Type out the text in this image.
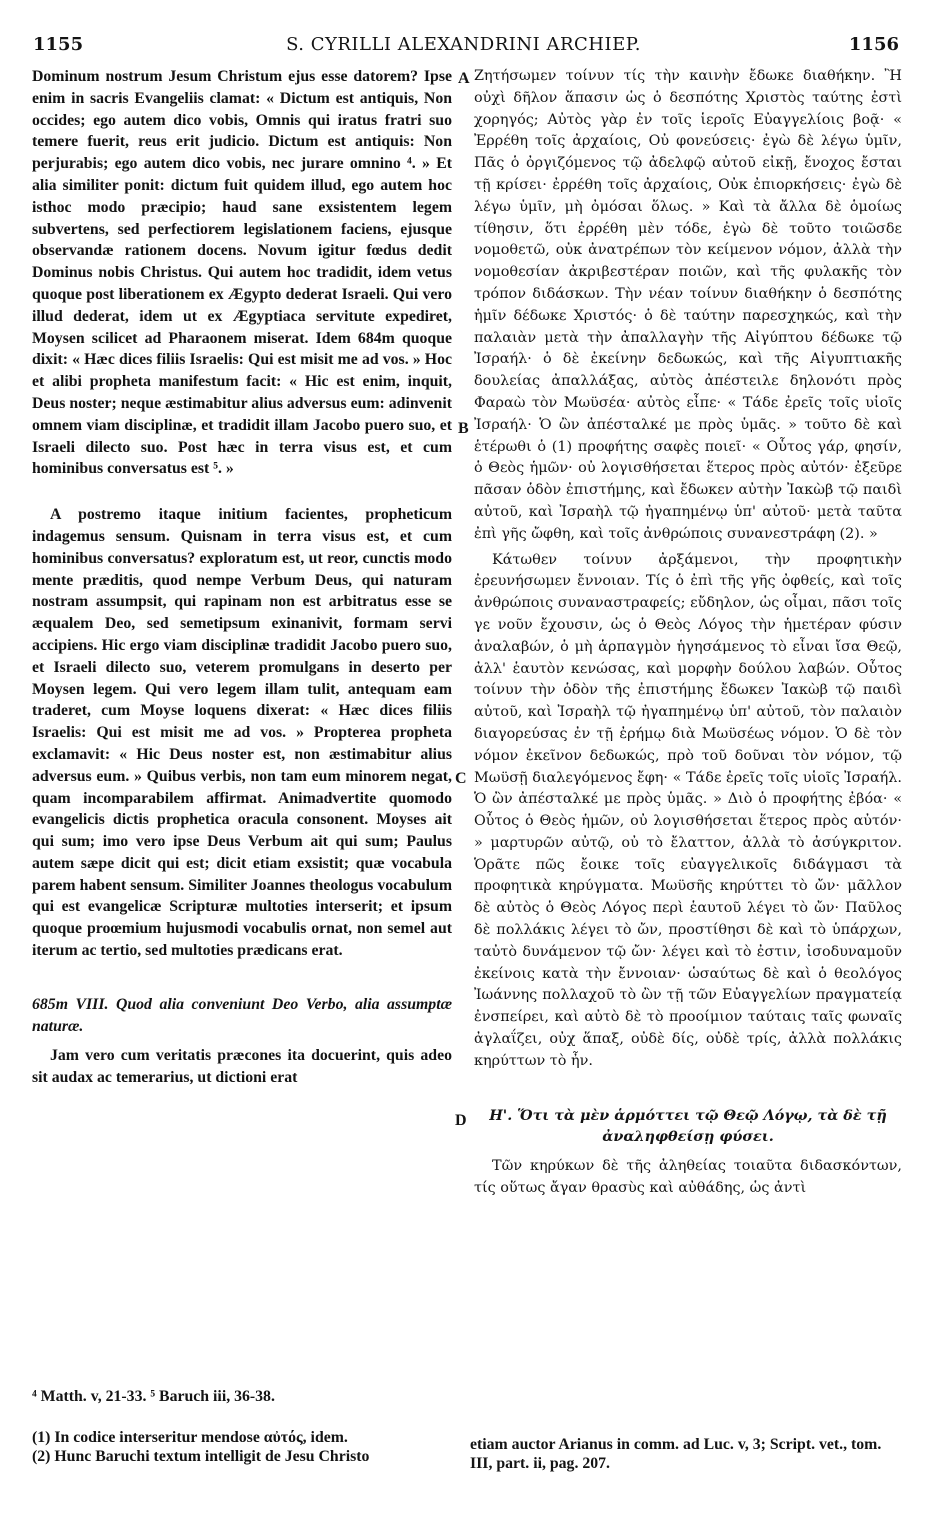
1155	S. CYRILLI ALEXANDRINI ARCHIEP.	1156

Dominum nostrum Jesum Christum ejus esse datorem? Ipse enim in sacris Evangeliis clamat: « Dictum est antiquis, Non occides; ego autem dico vobis, Omnis qui iratus fratri suo temere fuerit, reus erit judicio. Dictum est antiquis: Non perjurabis; ego autem dico vobis, nec jurare omnino ⁴. » Et alia similiter ponit: dictum fuit quidem illud, ego autem hoc isthoc modo præcipio; haud sane exsistentem legem subvertens, sed perfectiorem legislationem faciens, ejusque observandæ rationem docens. Novum igitur fœdus dedit Dominus nobis Christus. Qui autem hoc tradidit, idem vetus quoque post liberationem ex Ægypto dederat Israeli. Qui vero illud dederat, idem ut ex Ægyptiaca servitute expediret, Moysen scilicet ad Pharaonem miserat. Idem 684m quoque dixit: « Hæc dices filiis Israelis: Qui est misit me ad vos. » Hoc et alibi propheta manifestum facit: « Hic est enim, inquit, Deus noster; neque æstimabitur alius adversus eum: adinvenit omnem viam disciplinæ, et tradidit illam Jacobo puero suo, et Israeli dilecto suo. Post hæc in terra visus est, et cum hominibus conversatus est ⁵. »

A postremo itaque initium facientes, propheticum indagemus sensum. Quisnam in terra visus est, et cum hominibus conversatus? exploratum est, ut reor, cunctis modo mente præditis, quod nempe Verbum Deus, qui naturam nostram assumpsit, qui rapinam non est arbitratus esse se æqualem Deo, sed semetipsum exinanivit, formam servi accipiens. Hic ergo viam disciplinæ tradidit Jacobo puero suo, et Israeli dilecto suo, veterem promulgans in deserto per Moysen legem. Qui vero legem illam tulit, antequam eam traderet, cum Moyse loquens dixerat: « Hæc dices filiis Israelis: Qui est misit me ad vos. » Propterea propheta exclamavit: « Hic Deus noster est, non æstimabitur alius adversus eum. » Quibus verbis, non tam eum minorem negat, quam incomparabilem affirmat. Animadvertite quomodo evangelicis dictis prophetica oracula consonent. Moyses ait qui sum; imo vero ipse Deus Verbum ait qui sum; Paulus autem sæpe dicit qui est; dicit etiam exsistit; quæ vocabula parem habent sensum. Similiter Joannes theologus vocabulum qui est evangelicæ Scripturæ multoties interserit; et ipsum quoque proœmium hujusmodi vocabulis ornat, non semel aut iterum ac tertio, sed multoties prædicans erat.

685m VIII. Quod alia conveniunt Deo Verbo, alia assumptæ naturæ.

Jam vero cum veritatis præcones ita docuerint, quis adeo sit audax ac temerarius, ut dictioni erat

A
B
C
D

Ζητήσωμεν τοίνυν τίς τὴν καινὴν ἔδωκε διαθήκην. Ἢ οὐχὶ δῆλον ἅπασιν ὡς ὁ δεσπότης Χριστὸς ταύτης ἐστὶ χορηγός; Αὐτὸς γὰρ ἐν τοῖς ἱεροῖς Εὐαγγελίοις βοᾷ· « Ἐρρέθη τοῖς ἀρχαίοις, Οὐ φονεύσεις· ἐγὼ δὲ λέγω ὑμῖν, Πᾶς ὁ ὀργιζόμενος τῷ ἀδελφῷ αὐτοῦ εἰκῇ, ἔνοχος ἔσται τῇ κρίσει· ἐρρέθη τοῖς ἀρχαίοις, Οὐκ ἐπιορκήσεις· ἐγὼ δὲ λέγω ὑμῖν, μὴ ὀμόσαι ὅλως. » Καὶ τὰ ἄλλα δὲ ὁμοίως τίθησιν, ὅτι ἐρρέθη μὲν τόδε, ἐγὼ δὲ τοῦτο τοιῶσδε νομοθετῶ, οὐκ ἀνατρέπων τὸν κείμενον νόμον, ἀλλὰ τὴν νομοθεσίαν ἀκριβεστέραν ποιῶν, καὶ τῆς φυλακῆς τὸν τρόπον διδάσκων. Τὴν νέαν τοίνυν διαθήκην ὁ δεσπότης ἡμῖν δέδωκε Χριστός· ὁ δὲ ταύτην παρεσχηκώς, καὶ τὴν παλαιὰν μετὰ τὴν ἀπαλλαγὴν τῆς Αἰγύπτου δέδωκε τῷ Ἰσραήλ· ὁ δὲ ἐκείνην δεδωκώς, καὶ τῆς Αἰγυπτιακῆς δουλείας ἀπαλλάξας, αὐτὸς ἀπέστειλε δηλονότι πρὸς Φαραὼ τὸν Μωϋσέα· αὐτὸς εἶπε· « Τάδε ἐρεῖς τοῖς υἱοῖς Ἰσραήλ· Ὁ ὢν ἀπέσταλκέ με πρὸς ὑμᾶς. » τοῦτο δὲ καὶ ἑτέρωθι ὁ (1) προφήτης σαφὲς ποιεῖ· « Οὗτος γάρ, φησίν, ὁ Θεὸς ἡμῶν· οὐ λογισθήσεται ἕτερος πρὸς αὐτόν· ἐξεῦρε πᾶσαν ὁδὸν ἐπιστήμης, καὶ ἔδωκεν αὐτὴν Ἰακὼβ τῷ παιδὶ αὐτοῦ, καὶ Ἰσραὴλ τῷ ἠγαπημένῳ ὑπ' αὐτοῦ· μετὰ ταῦτα ἐπὶ γῆς ὤφθη, καὶ τοῖς ἀνθρώποις συνανεστράφη (2). »

Κάτωθεν τοίνυν ἀρξάμενοι, τὴν προφητικὴν ἐρευνήσωμεν ἔννοιαν. Τίς ὁ ἐπὶ τῆς γῆς ὀφθείς, καὶ τοῖς ἀνθρώποις συναναστραφείς; εὔδηλον, ὡς οἶμαι, πᾶσι τοῖς γε νοῦν ἔχουσιν, ὡς ὁ Θεὸς Λόγος τὴν ἡμετέραν φύσιν ἀναλαβών, ὁ μὴ ἁρπαγμὸν ἡγησάμενος τὸ εἶναι ἴσα Θεῷ, ἀλλ' ἑαυτὸν κενώσας, καὶ μορφὴν δούλου λαβών. Οὗτος τοίνυν τὴν ὁδὸν τῆς ἐπιστήμης ἔδωκεν Ἰακὼβ τῷ παιδὶ αὐτοῦ, καὶ Ἰσραὴλ τῷ ἠγαπημένῳ ὑπ' αὐτοῦ, τὸν παλαιὸν διαγορεύσας ἐν τῇ ἐρήμῳ διὰ Μωϋσέως νόμον. Ὁ δὲ τὸν νόμον ἐκεῖνον δεδωκώς, πρὸ τοῦ δοῦναι τὸν νόμον, τῷ Μωϋσῇ διαλεγόμενος ἔφη· « Τάδε ἐρεῖς τοῖς υἱοῖς Ἰσραήλ. Ὁ ὢν ἀπέσταλκέ με πρὸς ὑμᾶς. » Διὸ ὁ προφήτης ἐβόα· « Οὗτος ὁ Θεὸς ἡμῶν, οὐ λογισθήσεται ἕτερος πρὸς αὐτόν· » μαρτυρῶν αὐτῷ, οὐ τὸ ἔλαττον, ἀλλὰ τὸ ἀσύγκριτον. Ὁρᾶτε πῶς ἔοικε τοῖς εὐαγγελικοῖς διδάγμασι τὰ προφητικὰ κηρύγματα. Μωϋσῆς κηρύττει τὸ ὤν· μᾶλλον δὲ αὐτὸς ὁ Θεὸς Λόγος περὶ ἑαυτοῦ λέγει τὸ ὤν· Παῦλος δὲ πολλάκις λέγει τὸ ὤν, προστίθησι δὲ καὶ τὸ ὑπάρχων, ταὐτὸ δυνάμενον τῷ ὤν· λέγει καὶ τὸ ἐστιν, ἰσοδυναμοῦν ἐκείνοις κατὰ τὴν ἔννοιαν· ὡσαύτως δὲ καὶ ὁ θεολόγος Ἰωάννης πολλαχοῦ τὸ ὢν τῇ τῶν Εὐαγγελίων πραγματείᾳ ἐνσπείρει, καὶ αὐτὸ δὲ τὸ προοίμιον ταύταις ταῖς φωναῖς ἀγλαΐζει, οὐχ ἅπαξ, οὐδὲ δίς, οὐδὲ τρίς, ἀλλὰ πολλάκις κηρύττων τὸ ἦν.

Η'. Ὅτι τὰ μὲν ἁρμόττει τῷ Θεῷ Λόγῳ, τὰ δὲ τῇ ἀναληφθείσῃ φύσει.

Τῶν κηρύκων δὲ τῆς ἀληθείας τοιαῦτα διδασκόντων, τίς οὕτως ἄγαν θρασὺς καὶ αὐθάδης, ὡς ἀντὶ

⁴ Matth. v, 21-33. ⁵ Baruch iii, 36-38.

(1) In codice interseritur mendose αὐτός, idem.

(2) Hunc Baruchi textum intelligit de Jesu Christo

etiam auctor Arianus in comm. ad Luc. v, 3; Script. vet., tom. III, part. ii, pag. 207.
